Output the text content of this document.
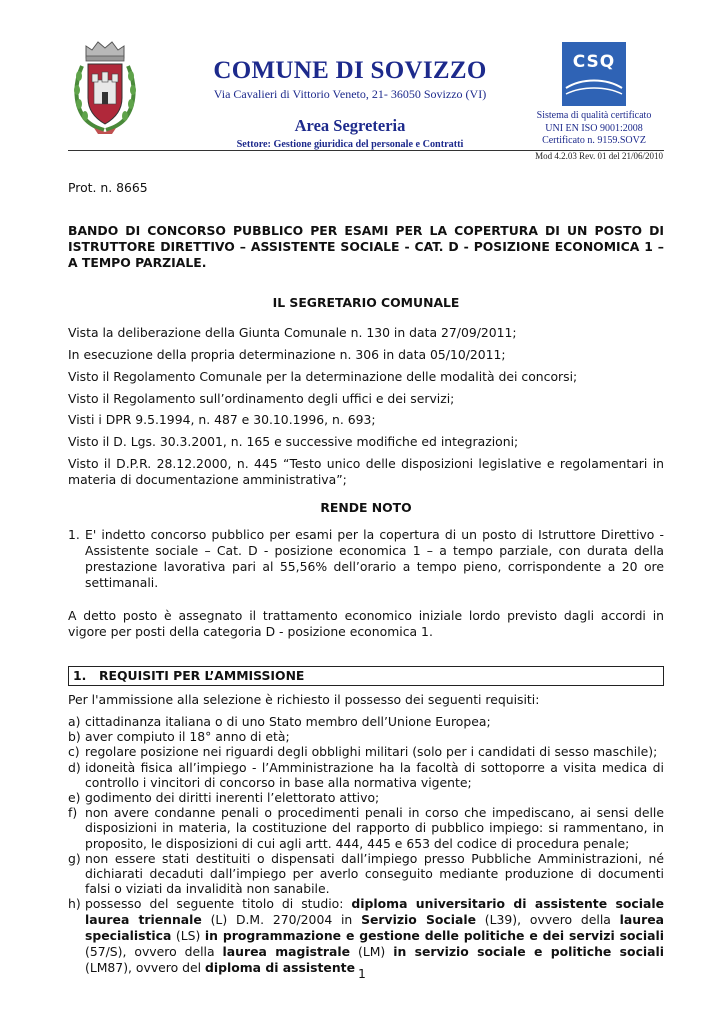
COMUNE DI SOVIZZO
Via Cavalieri di Vittorio Veneto, 21- 36050 Sovizzo (VI)
Area Segreteria
Settore: Gestione giuridica del personale e Contratti
CSQ
Sistema di qualità certificato
UNI EN ISO 9001:2008
Certificato n. 9159.SOVZ
Mod 4.2.03 Rev. 01 del 21/06/2010
Prot. n. 8665
BANDO DI CONCORSO PUBBLICO PER ESAMI PER LA COPERTURA DI UN POSTO DI ISTRUTTORE DIRETTIVO – ASSISTENTE SOCIALE - CAT. D - POSIZIONE ECONOMICA 1 – A TEMPO PARZIALE.
IL SEGRETARIO COMUNALE
Vista la deliberazione della Giunta Comunale n. 130 in data 27/09/2011;
In esecuzione della propria determinazione n. 306 in data 05/10/2011;
Visto il Regolamento Comunale per la determinazione delle modalità dei concorsi;
Visto il Regolamento sull’ordinamento degli uffici e dei servizi;
Visti i DPR 9.5.1994, n. 487 e 30.10.1996, n. 693;
Visto il D. Lgs. 30.3.2001, n. 165 e successive modifiche ed integrazioni;
Visto il D.P.R. 28.12.2000, n. 445 “Testo unico delle disposizioni legislative e regolamentari in materia di documentazione amministrativa”;
RENDE NOTO
1. E' indetto concorso pubblico per esami per la copertura di un posto di Istruttore Direttivo - Assistente sociale – Cat. D - posizione economica 1 – a tempo parziale, con durata della prestazione lavorativa pari al 55,56% dell’orario a tempo pieno, corrispondente a 20 ore settimanali.
A detto posto è assegnato il trattamento economico iniziale lordo previsto dagli accordi in vigore per posti della categoria D - posizione economica 1.
1. REQUISITI PER L’AMMISSIONE
Per l'ammissione alla selezione è richiesto il possesso dei seguenti requisiti:
a) cittadinanza italiana o di uno Stato membro dell’Unione Europea;
b) aver compiuto il 18° anno di età;
c) regolare posizione nei riguardi degli obblighi militari (solo per i candidati di sesso maschile);
d) idoneità fisica all’impiego - l’Amministrazione ha la facoltà di sottoporre a visita medica di controllo i vincitori di concorso in base alla normativa vigente;
e) godimento dei diritti inerenti l’elettorato attivo;
f) non avere condanne penali o procedimenti penali in corso che impediscano, ai sensi delle disposizioni in materia, la costituzione del rapporto di pubblico impiego: si rammentano, in proposito, le disposizioni di cui agli artt. 444, 445 e 653 del codice di procedura penale;
g) non essere stati destituiti o dispensati dall’impiego presso Pubbliche Amministrazioni, né dichiarati decaduti dall’impiego per averlo conseguito mediante produzione di documenti falsi o viziati da invalidità non sanabile.
h) possesso del seguente titolo di studio: diploma universitario di assistente sociale laurea triennale (L) D.M. 270/2004 in Servizio Sociale (L39), ovvero della laurea specialistica (LS) in programmazione e gestione delle politiche e dei servizi sociali (57/S), ovvero della laurea magistrale (LM) in servizio sociale e politiche sociali (LM87), ovvero del diploma di assistente 1
